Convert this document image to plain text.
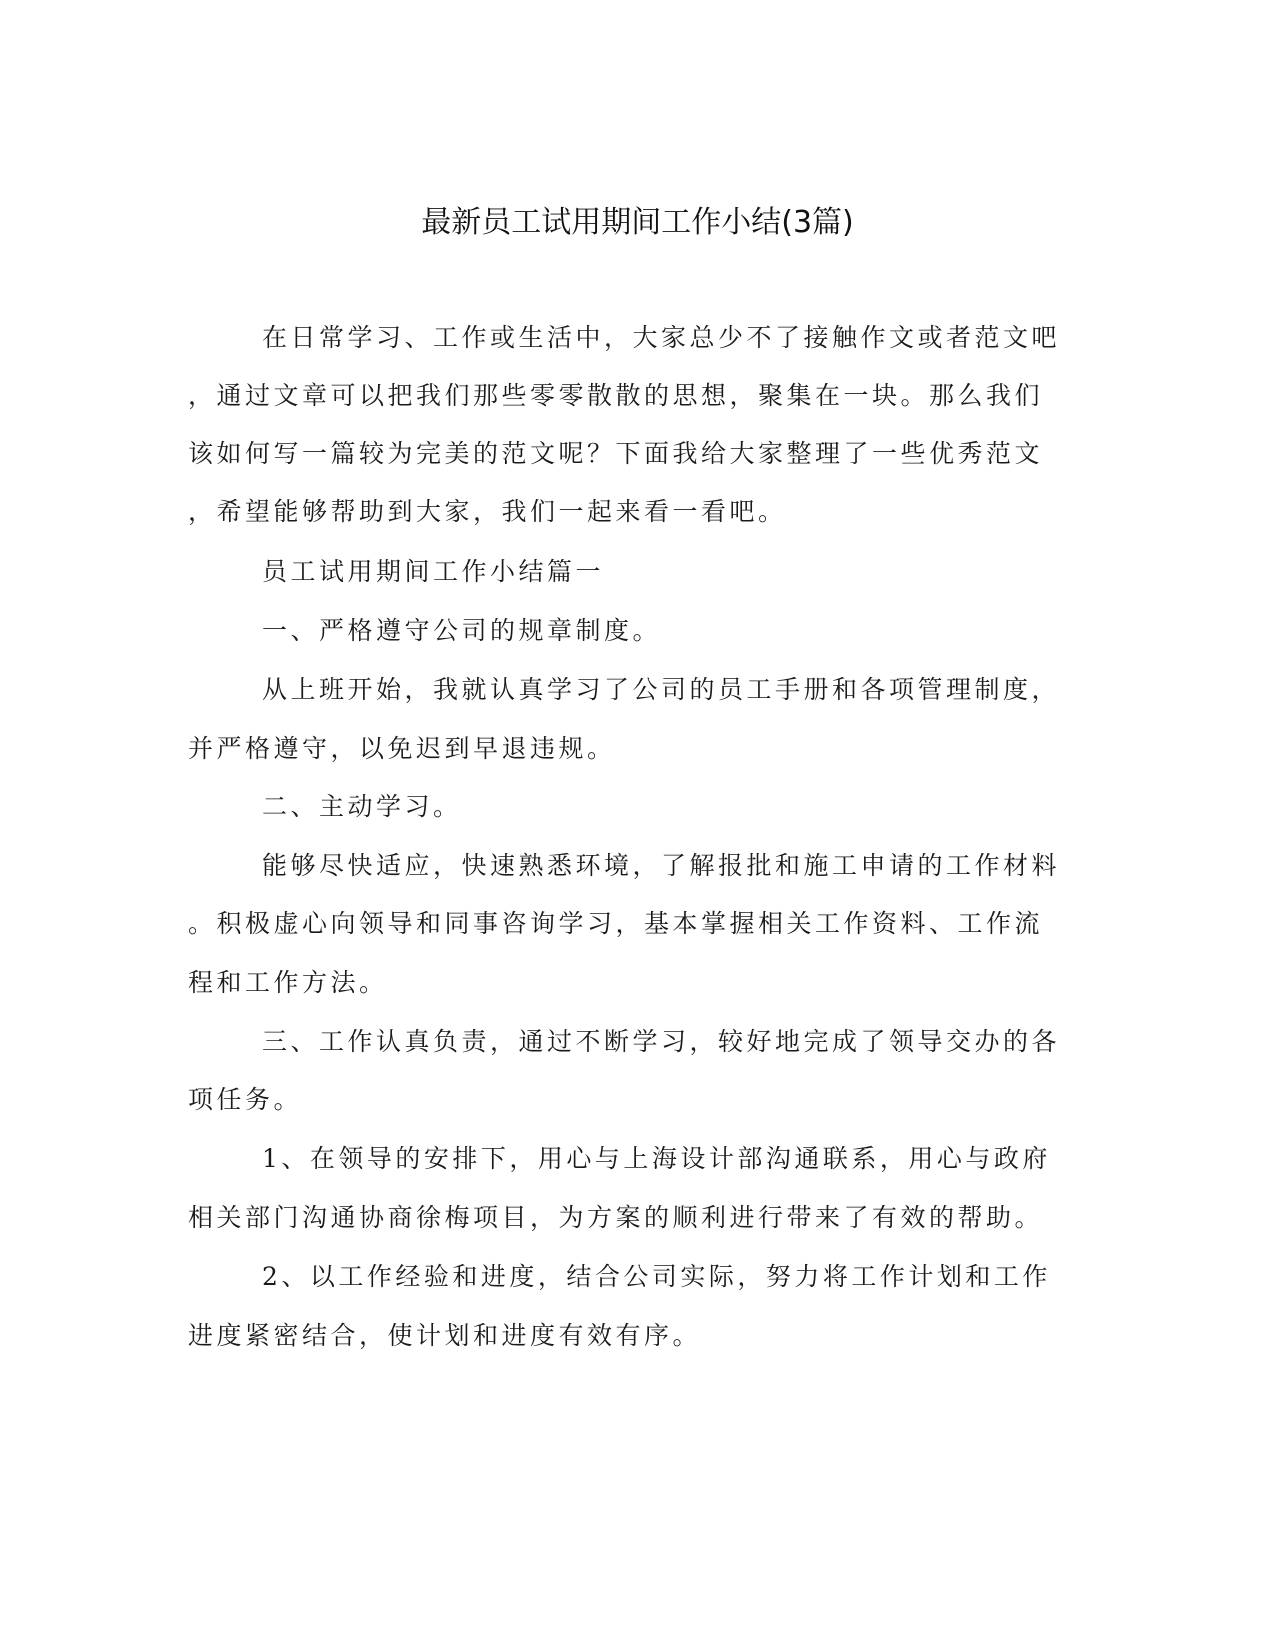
最新员工试用期间工作小结(3篇)
在日常学习、工作或生活中，大家总少不了接触作文或者范文吧
，通过文章可以把我们那些零零散散的思想，聚集在一块。那么我们
该如何写一篇较为完美的范文呢？下面我给大家整理了一些优秀范文
，希望能够帮助到大家，我们一起来看一看吧。
员工试用期间工作小结篇一
一、严格遵守公司的规章制度。
从上班开始，我就认真学习了公司的员工手册和各项管理制度，
并严格遵守，以免迟到早退违规。
二、主动学习。
能够尽快适应，快速熟悉环境，了解报批和施工申请的工作材料
。积极虚心向领导和同事咨询学习，基本掌握相关工作资料、工作流
程和工作方法。
三、工作认真负责，通过不断学习，较好地完成了领导交办的各
项任务。
1、在领导的安排下，用心与上海设计部沟通联系，用心与政府
相关部门沟通协商徐梅项目，为方案的顺利进行带来了有效的帮助。
2、以工作经验和进度，结合公司实际，努力将工作计划和工作
进度紧密结合，使计划和进度有效有序。
